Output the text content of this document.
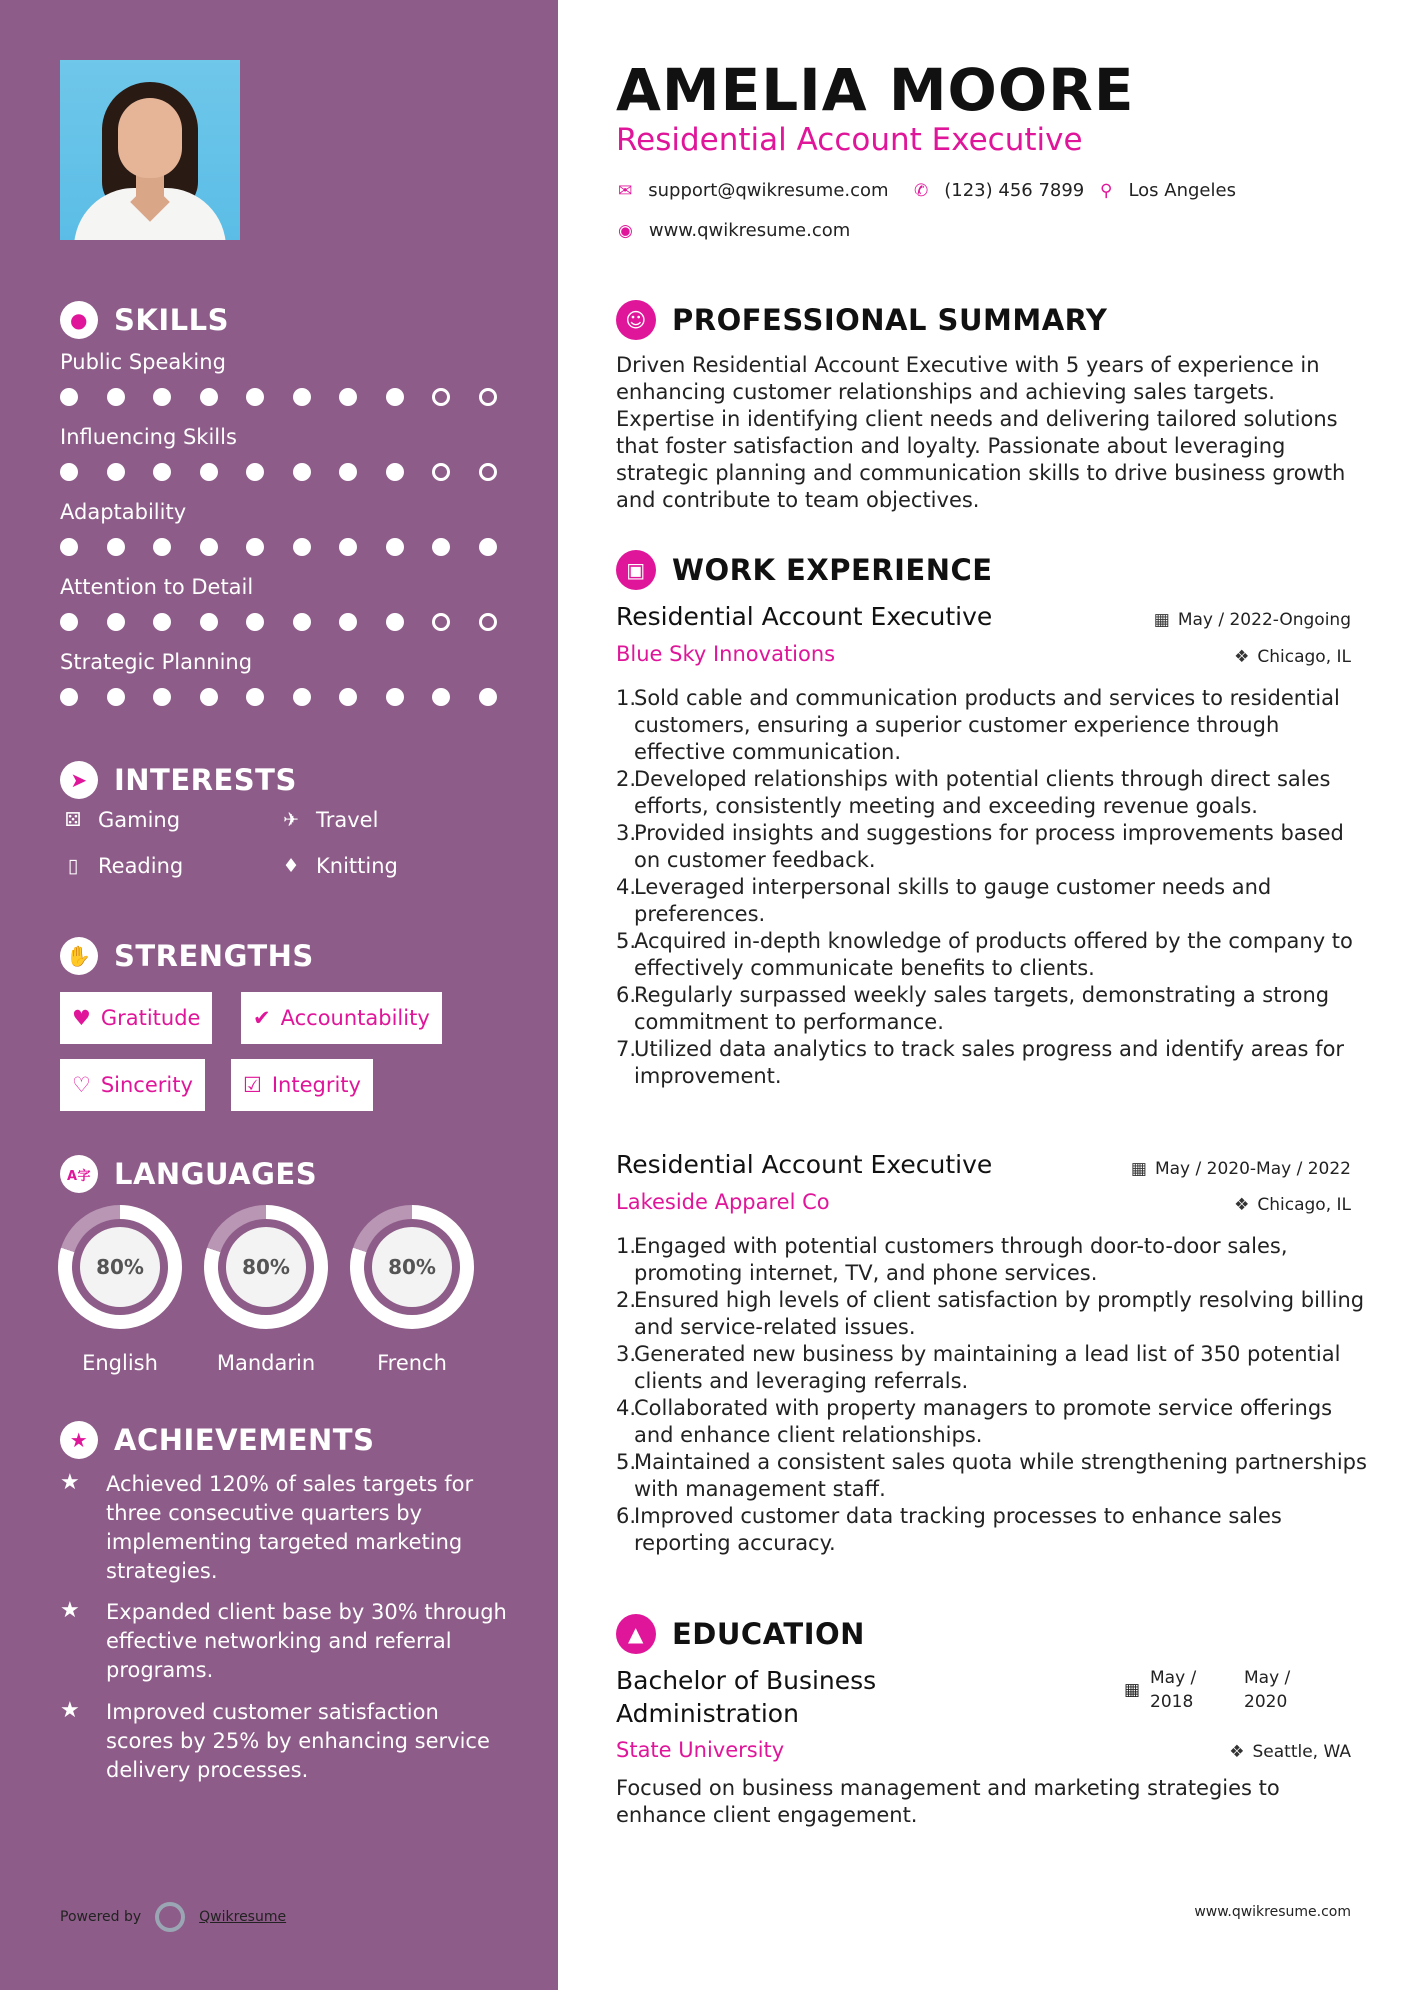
● SKILLS
Public Speaking
Influencing Skills
Adaptability
Attention to Detail
Strategic Planning
➤ INTERESTS
⚄ Gaming	✈ Travel
▯ Reading	♦ Knitting
✋ STRENGTHS
♥ Gratitude	✔ Accountability
♡ Sincerity ☑ Integrity
A字 LANGUAGES
80%
English
80%
Mandarin
80%
French
★ ACHIEVEMENTS
★	Achieved 120% of sales targets for three consecutive quarters by implementing targeted marketing strategies.
★	Expanded client base by 30% through effective networking and referral programs.
★	Improved customer satisfaction scores by 25% by enhancing service delivery processes.
Powered by	Qwikresume
AMELIA MOORE
Residential Account Executive
✉ support@qwikresume.com ✆ (123) 456 7899 ⚲ Los Angeles
◉ www.qwikresume.com
☺ PROFESSIONAL SUMMARY
Driven Residential Account Executive with 5 years of experience in enhancing customer relationships and achieving sales targets. Expertise in identifying client needs and delivering tailored solutions that foster satisfaction and loyalty. Passionate about leveraging strategic planning and communication skills to drive business growth and contribute to team objectives.
▣ WORK EXPERIENCE
Residential Account Executive	▦ May / 2022-Ongoing
Blue Sky Innovations	❖ Chicago, IL
1.
Sold cable and communication products and services to residential customers, ensuring a superior customer experience through effective communication.
2.
Developed relationships with potential clients through direct sales efforts, consistently meeting and exceeding revenue goals.
3.
Provided insights and suggestions for process improvements based on customer feedback.
4.
Leveraged interpersonal skills to gauge customer needs and preferences.
5.
Acquired in-depth knowledge of products offered by the company to effectively communicate benefits to clients.
6.
Regularly surpassed weekly sales targets, demonstrating a strong commitment to performance.
7.
Utilized data analytics to track sales progress and identify areas for improvement.
Residential Account Executive	▦ May / 2020-May / 2022
Lakeside Apparel Co	❖ Chicago, IL
1.
Engaged with potential customers through door-to-door sales, promoting internet, TV, and phone services.
2.
Ensured high levels of client satisfaction by promptly resolving billing and service-related issues.
3.
Generated new business by maintaining a lead list of 350 potential clients and leveraging referrals.
4.
Collaborated with property managers to promote service offerings and enhance client relationships.
5.
Maintained a consistent sales quota while strengthening partnerships with management staff.
6.
Improved customer data tracking processes to enhance sales reporting accuracy.
▲ EDUCATION
Bachelor of Business Administration
▦
May /
2018
May /
2020
State University	❖ Seattle, WA
Focused on business management and marketing strategies to enhance client engagement.
www.qwikresume.com
